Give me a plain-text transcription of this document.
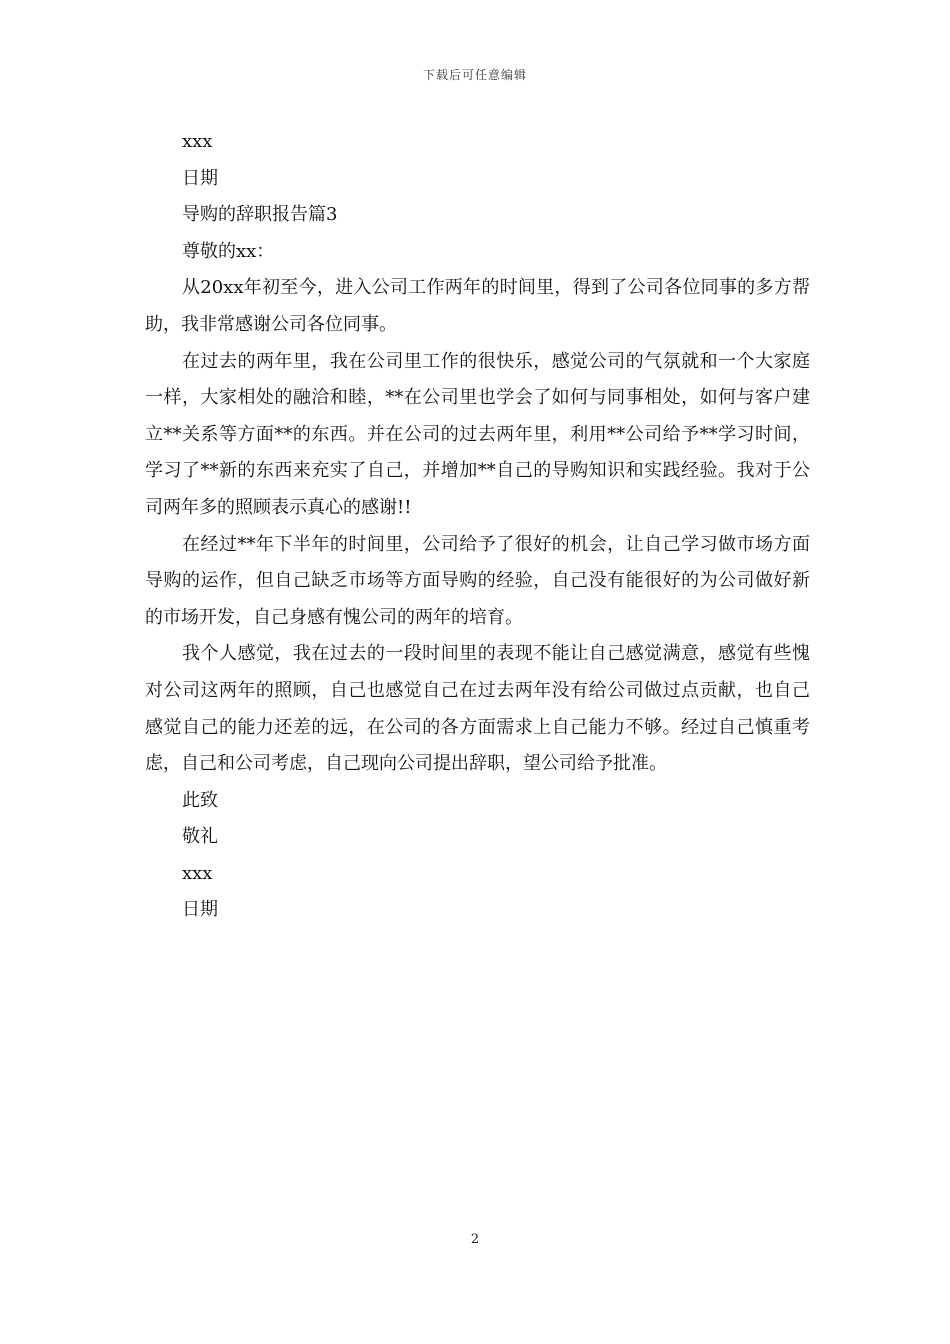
下载后可任意编辑

xxx

日期

导购的辞职报告篇3

尊敬的xx：

从20xx年初至今，进入公司工作两年的时间里，得到了公司各位同事的多方帮助，我非常感谢公司各位同事。

在过去的两年里，我在公司里工作的很快乐，感觉公司的气氛就和一个大家庭一样，大家相处的融洽和睦，**在公司里也学会了如何与同事相处，如何与客户建立**关系等方面**的东西。并在公司的过去两年里，利用**公司给予**学习时间，学习了**新的东西来充实了自己，并增加**自己的导购知识和实践经验。我对于公司两年多的照顾表示真心的感谢!!

在经过**年下半年的时间里，公司给予了很好的机会，让自己学习做市场方面导购的运作，但自己缺乏市场等方面导购的经验，自己没有能很好的为公司做好新的市场开发，自己身感有愧公司的两年的培育。

我个人感觉，我在过去的一段时间里的表现不能让自己感觉满意，感觉有些愧对公司这两年的照顾，自己也感觉自己在过去两年没有给公司做过点贡献，也自己感觉自己的能力还差的远，在公司的各方面需求上自己能力不够。经过自己慎重考虑，自己和公司考虑，自己现向公司提出辞职，望公司给予批准。

此致

敬礼

xxx

日期

2
